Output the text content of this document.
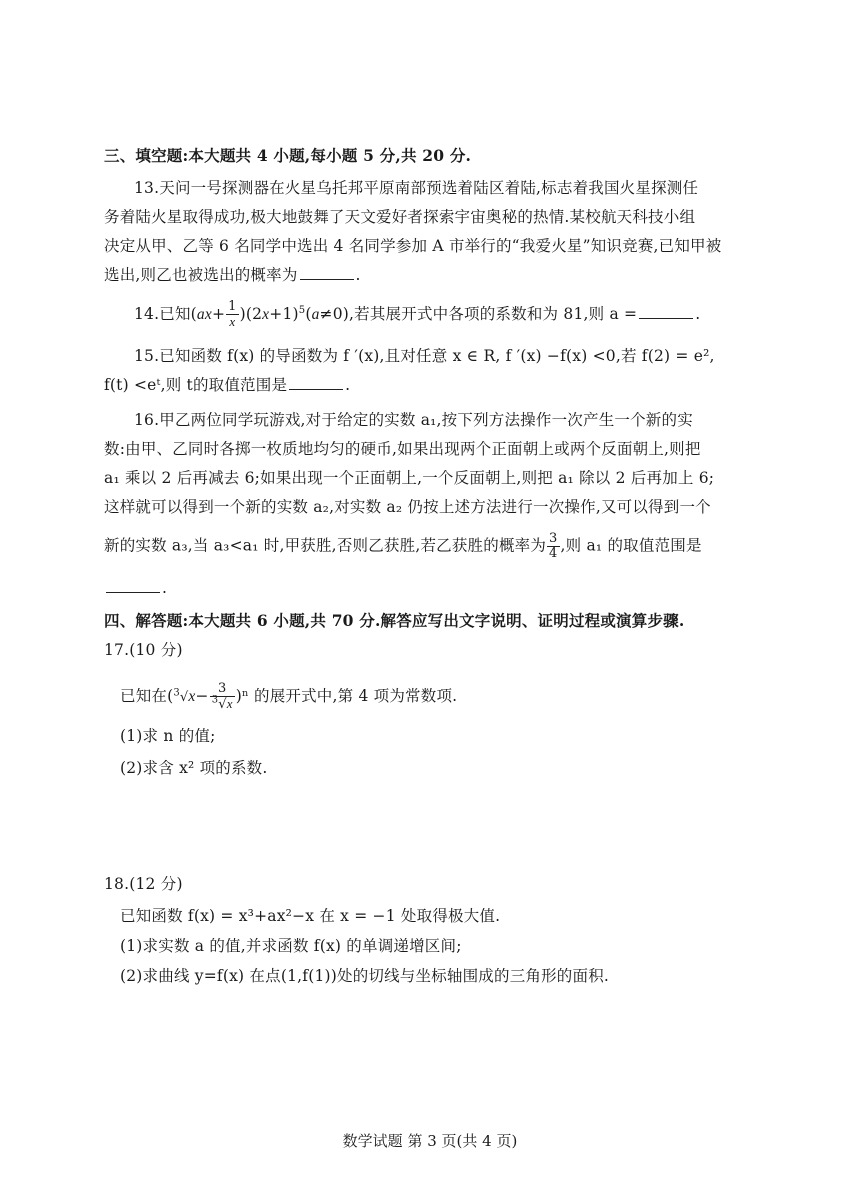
三、填空题:本大题共 4 小题,每小题 5 分,共 20 分.
13.天问一号探测器在火星乌托邦平原南部预选着陆区着陆,标志着我国火星探测任
务着陆火星取得成功,极大地鼓舞了天文爱好者探索宇宙奥秘的热情.某校航天科技小组
决定从甲、乙等 6 名同学中选出 4 名同学参加 A 市举行的“我爱火星”知识竞赛,已知甲被
选出,则乙也被选出的概率为	.
14.已知$(ax+ \frac{1}{x} )(2x+1)^5(a\ne 0)$,若其展开式中各项的系数和为 81,则 a =	.
15.已知函数 f(x) 的导函数为 f ′(x),且对任意 x ∈ R, f ′(x) −f(x) <0,若 f(2) = e²,
f(t) <eᵗ,则 t的取值范围是	.
16.甲乙两位同学玩游戏,对于给定的实数 a₁,按下列方法操作一次产生一个新的实
数:由甲、乙同时各掷一枚质地均匀的硬币,如果出现两个正面朝上或两个反面朝上,则把
a₁ 乘以 2 后再减去 6;如果出现一个正面朝上,一个反面朝上,则把 a₁ 除以 2 后再加上 6;
这样就可以得到一个新的实数 a₂,对实数 a₂ 仍按上述方法进行一次操作,又可以得到一个
新的实数 a₃,当 a₃<a₁ 时,甲获胜,否则乙获胜,若乙获胜的概率为 $\frac{3}{4}$ ,则 a₁ 的取值范围是
.
四、解答题:本大题共 6 小题,共 70 分.解答应写出文字说明、证明过程或演算步骤.
17.(10 分)
已知在$(^3√x- \frac{3}{^3√x} )^n$ 的展开式中,第 4 项为常数项.
(1)求 n 的值;
(2)求含 x² 项的系数.
18.(12 分)
已知函数 f(x) = x³+ax²−x 在 x = −1 处取得极大值.
(1)求实数 a 的值,并求函数 f(x) 的单调递增区间;
(2)求曲线 y=f(x) 在点(1,f(1))处的切线与坐标轴围成的三角形的面积.
数学试题 第 3 页(共 4 页)
